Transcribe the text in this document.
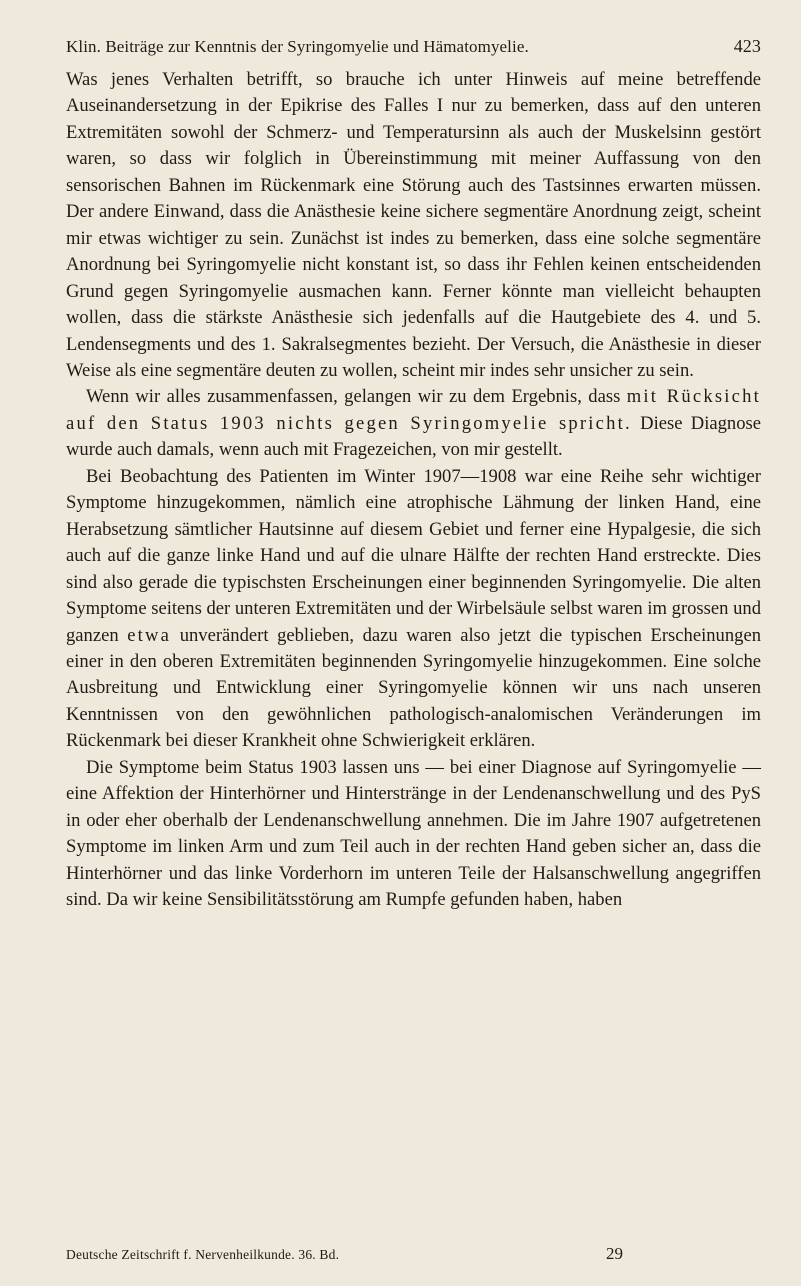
Klin. Beiträge zur Kenntnis der Syringomyelie und Hämatomyelie.	423

Was jenes Verhalten betrifft, so brauche ich unter Hinweis auf meine betreffende Auseinandersetzung in der Epikrise des Falles I nur zu bemerken, dass auf den unteren Extremitäten sowohl der Schmerz- und Temperatursinn als auch der Muskelsinn gestört waren, so dass wir folglich in Übereinstimmung mit meiner Auffassung von den sensorischen Bahnen im Rückenmark eine Störung auch des Tastsinnes erwarten müssen. Der andere Einwand, dass die Anästhesie keine sichere segmentäre Anordnung zeigt, scheint mir etwas wichtiger zu sein. Zunächst ist indes zu bemerken, dass eine solche segmentäre Anordnung bei Syringomyelie nicht konstant ist, so dass ihr Fehlen keinen entscheidenden Grund gegen Syringomyelie ausmachen kann. Ferner könnte man vielleicht behaupten wollen, dass die stärkste Anästhesie sich jedenfalls auf die Hautgebiete des 4. und 5. Lendensegments und des 1. Sakralsegmentes bezieht. Der Versuch, die Anästhesie in dieser Weise als eine segmentäre deuten zu wollen, scheint mir indes sehr unsicher zu sein.

Wenn wir alles zusammenfassen, gelangen wir zu dem Ergebnis, dass mit Rücksicht auf den Status 1903 nichts gegen Syringomyelie spricht. Diese Diagnose wurde auch damals, wenn auch mit Fragezeichen, von mir gestellt.

Bei Beobachtung des Patienten im Winter 1907—1908 war eine Reihe sehr wichtiger Symptome hinzugekommen, nämlich eine atrophische Lähmung der linken Hand, eine Herabsetzung sämtlicher Hautsinne auf diesem Gebiet und ferner eine Hypalgesie, die sich auch auf die ganze linke Hand und auf die ulnare Hälfte der rechten Hand erstreckte. Dies sind also gerade die typischsten Erscheinungen einer beginnenden Syringomyelie. Die alten Symptome seitens der unteren Extremitäten und der Wirbelsäule selbst waren im grossen und ganzen etwa unverändert geblieben, dazu waren also jetzt die typischen Erscheinungen einer in den oberen Extremitäten beginnenden Syringomyelie hinzugekommen. Eine solche Ausbreitung und Entwicklung einer Syringomyelie können wir uns nach unseren Kenntnissen von den gewöhnlichen pathologisch-analomischen Veränderungen im Rückenmark bei dieser Krankheit ohne Schwierigkeit erklären.

Die Symptome beim Status 1903 lassen uns — bei einer Diagnose auf Syringomyelie — eine Affektion der Hinterhörner und Hinterstränge in der Lendenanschwellung und des PyS in oder eher oberhalb der Lendenanschwellung annehmen. Die im Jahre 1907 aufgetretenen Symptome im linken Arm und zum Teil auch in der rechten Hand geben sicher an, dass die Hinterhörner und das linke Vorderhorn im unteren Teile der Halsanschwellung angegriffen sind. Da wir keine Sensibilitätsstörung am Rumpfe gefunden haben, haben

Deutsche Zeitschrift f. Nervenheilkunde. 36. Bd.	29
